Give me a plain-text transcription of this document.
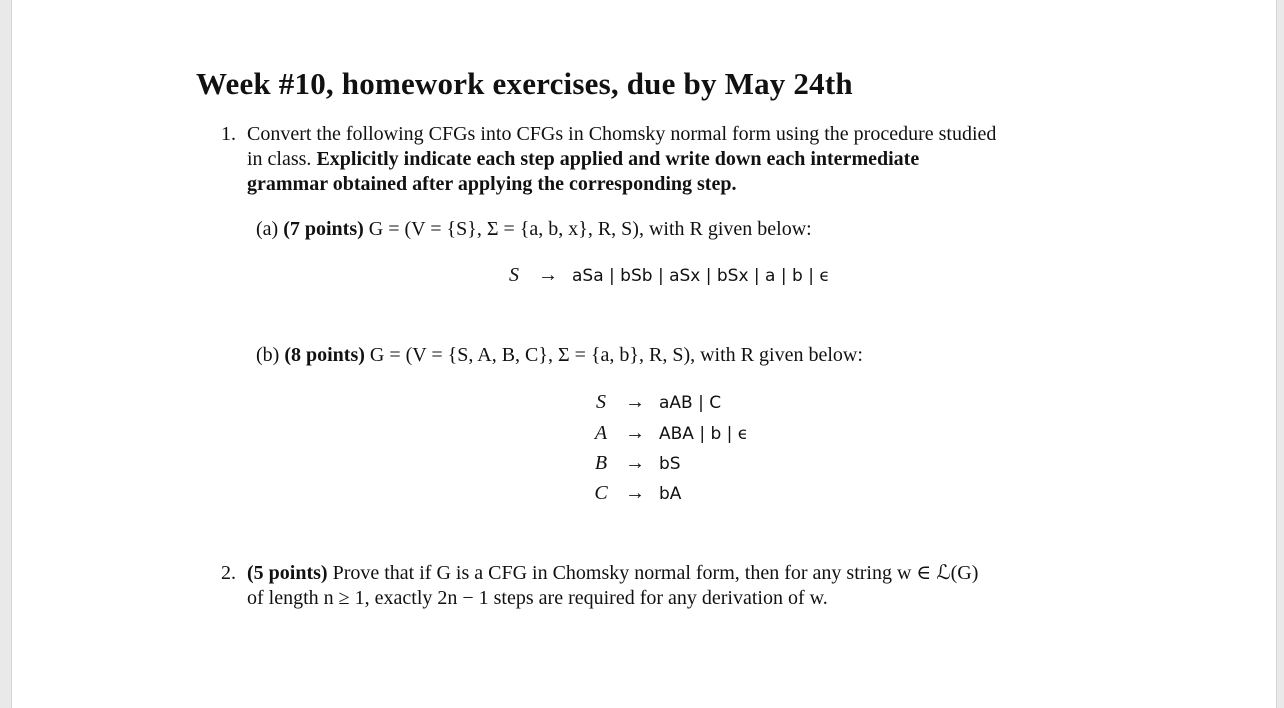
Week #10, homework exercises, due by May 24th
1. Convert the following CFGs into CFGs in Chomsky normal form using the procedure studied
in class. Explicitly indicate each step applied and write down each intermediate
grammar obtained after applying the corresponding step.
(a) (7 points) G = (V = {S}, Σ = {a, b, x}, R, S), with R given below:
S → aSa | bSb | aSx | bSx | a | b | ϵ
(b) (8 points) G = (V = {S, A, B, C}, Σ = {a, b}, R, S), with R given below:
S → aAB | C
A → ABA | b | ϵ
B → bS
C → bA
2. (5 points) Prove that if G is a CFG in Chomsky normal form, then for any string w ∈ ℒ(G)
of length n ≥ 1, exactly 2n − 1 steps are required for any derivation of w.
